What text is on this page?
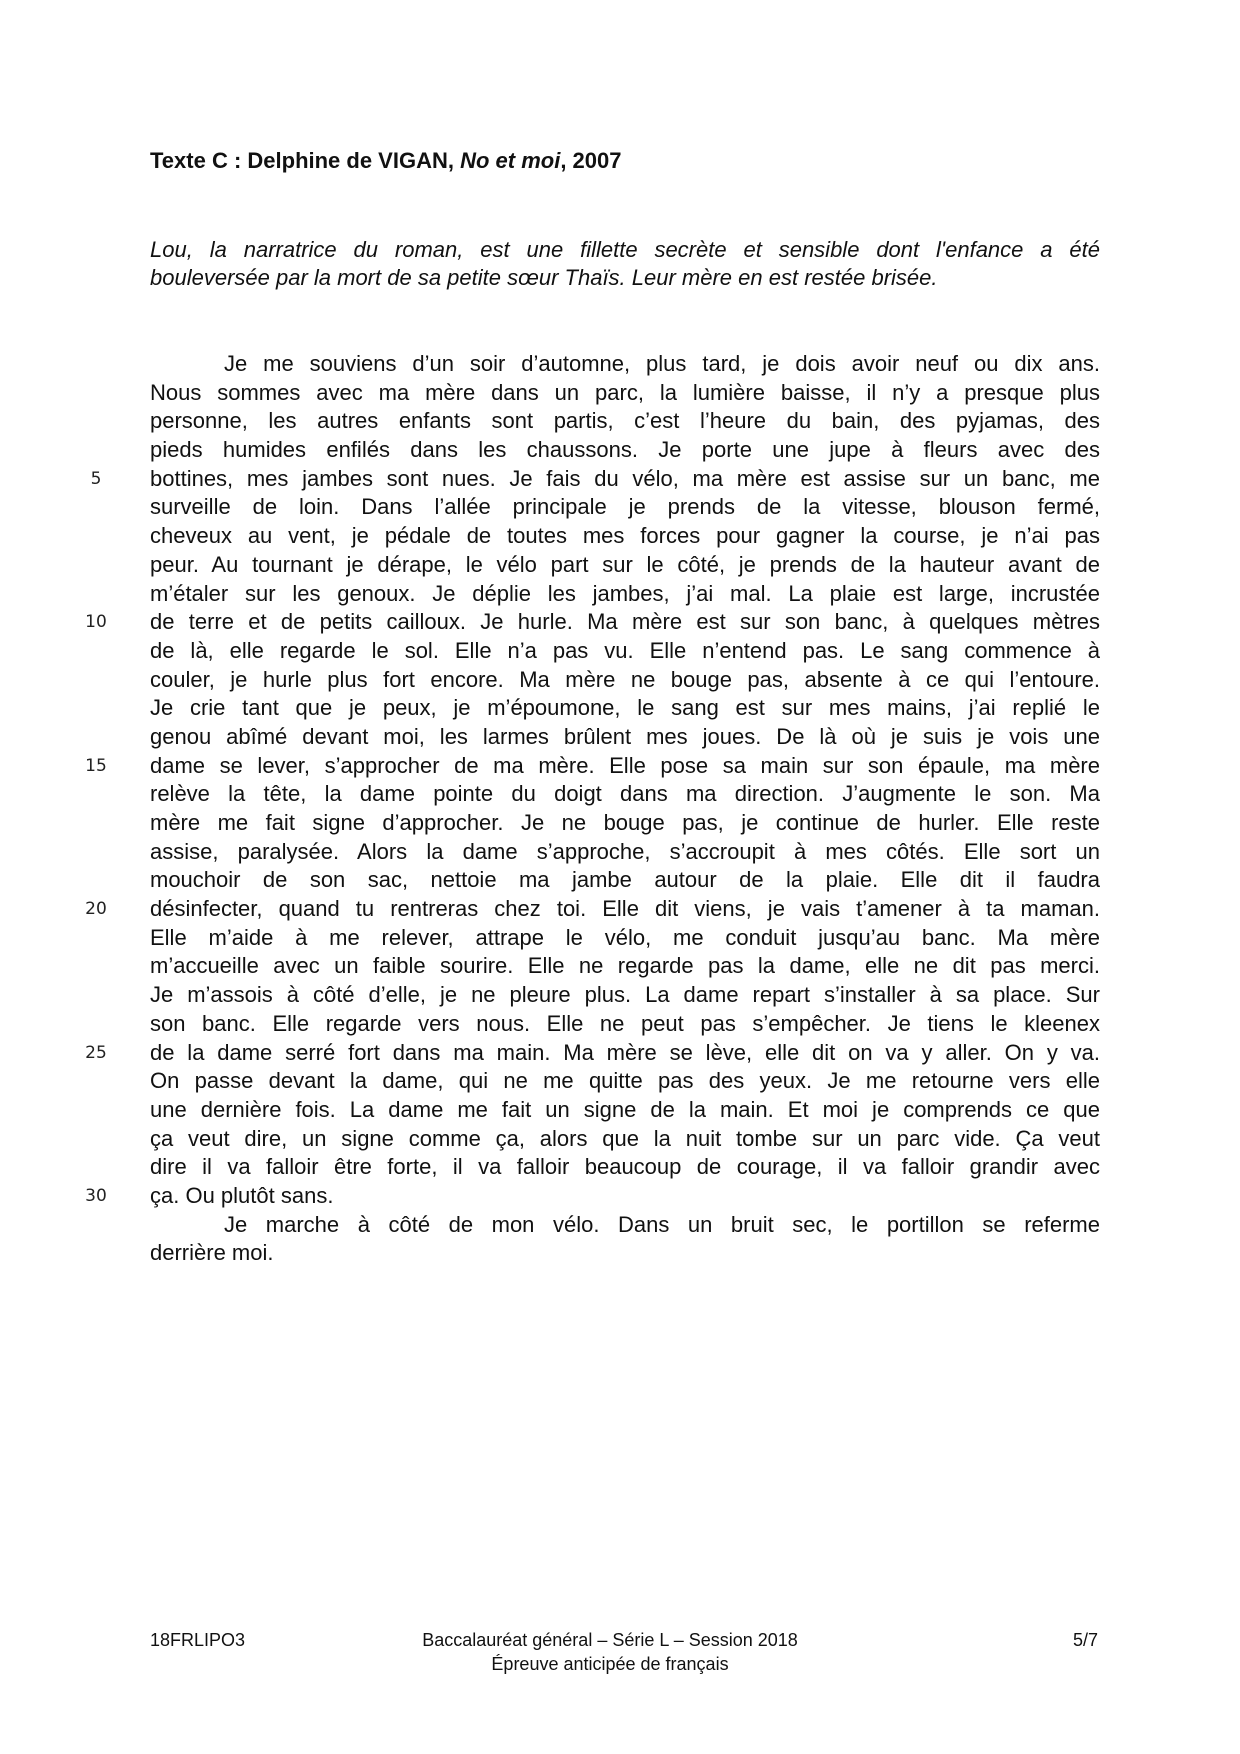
Texte C : Delphine de VIGAN, No et moi, 2007
Lou, la narratrice du roman, est une fillette secrète et sensible dont l'enfance a été
bouleversée par la mort de sa petite sœur Thaïs. Leur mère en est restée brisée.
Je me souviens d’un soir d’automne, plus tard, je dois avoir neuf ou dix ans.
Nous sommes avec ma mère dans un parc, la lumière baisse, il n’y a presque plus
personne, les autres enfants sont partis, c’est l’heure du bain, des pyjamas, des
pieds humides enfilés dans les chaussons. Je porte une jupe à fleurs avec des
5	bottines, mes jambes sont nues. Je fais du vélo, ma mère est assise sur un banc, me
surveille de loin. Dans l’allée principale je prends de la vitesse, blouson fermé,
cheveux au vent, je pédale de toutes mes forces pour gagner la course, je n’ai pas
peur. Au tournant je dérape, le vélo part sur le côté, je prends de la hauteur avant de
m’étaler sur les genoux. Je déplie les jambes, j’ai mal. La plaie est large, incrustée
10	de terre et de petits cailloux. Je hurle. Ma mère est sur son banc, à quelques mètres
de là, elle regarde le sol. Elle n’a pas vu. Elle n’entend pas. Le sang commence à
couler, je hurle plus fort encore. Ma mère ne bouge pas, absente à ce qui l’entoure.
Je crie tant que je peux, je m’époumone, le sang est sur mes mains, j’ai replié le
genou abîmé devant moi, les larmes brûlent mes joues. De là où je suis je vois une
15	dame se lever, s’approcher de ma mère. Elle pose sa main sur son épaule, ma mère
relève la tête, la dame pointe du doigt dans ma direction. J’augmente le son. Ma
mère me fait signe d’approcher. Je ne bouge pas, je continue de hurler. Elle reste
assise, paralysée. Alors la dame s’approche, s’accroupit à mes côtés. Elle sort un
mouchoir de son sac, nettoie ma jambe autour de la plaie. Elle dit il faudra
20	désinfecter, quand tu rentreras chez toi. Elle dit viens, je vais t’amener à ta maman.
Elle m’aide à me relever, attrape le vélo, me conduit jusqu’au banc. Ma mère
m’accueille avec un faible sourire. Elle ne regarde pas la dame, elle ne dit pas merci.
Je m’assois à côté d’elle, je ne pleure plus. La dame repart s’installer à sa place. Sur
son banc. Elle regarde vers nous. Elle ne peut pas s’empêcher. Je tiens le kleenex
25	de la dame serré fort dans ma main. Ma mère se lève, elle dit on va y aller. On y va.
On passe devant la dame, qui ne me quitte pas des yeux. Je me retourne vers elle
une dernière fois. La dame me fait un signe de la main. Et moi je comprends ce que
ça veut dire, un signe comme ça, alors que la nuit tombe sur un parc vide. Ça veut
dire il va falloir être forte, il va falloir beaucoup de courage, il va falloir grandir avec
30	ça. Ou plutôt sans.
Je marche à côté de mon vélo. Dans un bruit sec, le portillon se referme
derrière moi.
18FRLIPO3	Baccalauréat général – Série L – Session 2018
Épreuve anticipée de français
5/7
